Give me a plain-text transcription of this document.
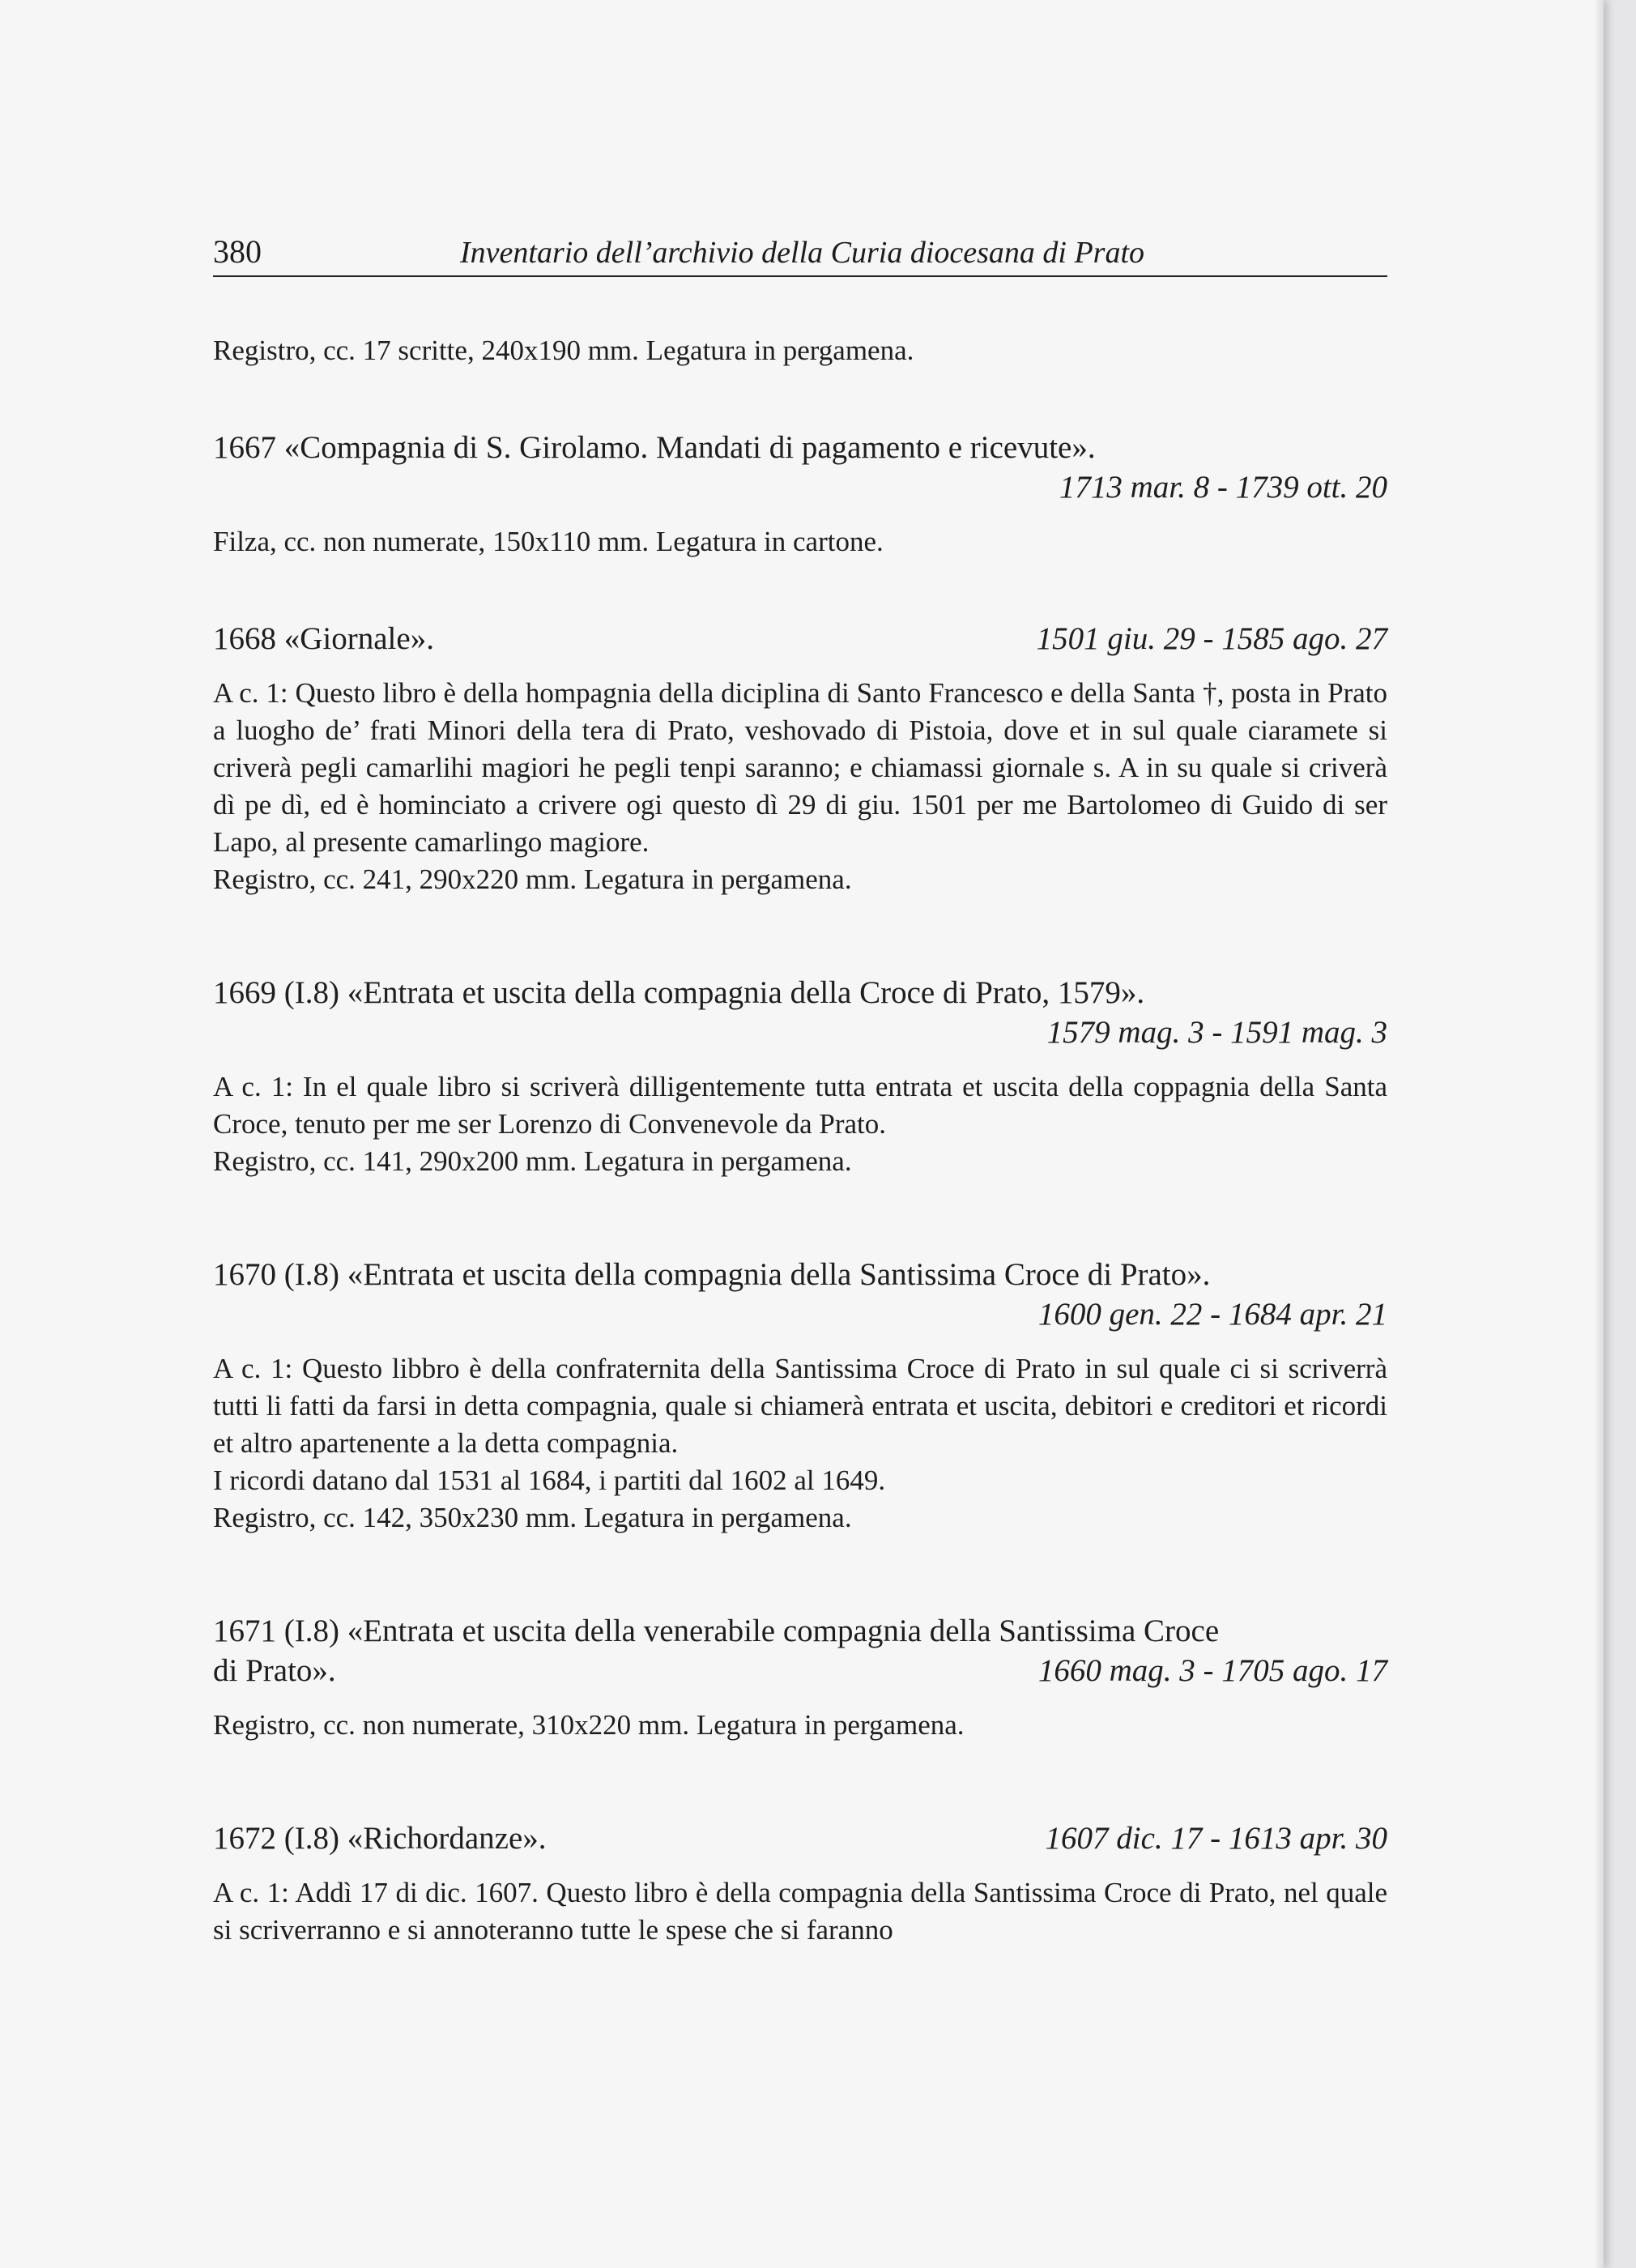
380	Inventario dell’archivio della Curia diocesana di Prato

Registro, cc. 17 scritte, 240x190 mm. Legatura in pergamena.

1667 «Compagnia di S. Girolamo. Mandati di pagamento e ricevute».
1713 mar. 8 - 1739 ott. 20

Filza, cc. non numerate, 150x110 mm. Legatura in cartone.

1668 «Giornale».	1501 giu. 29 - 1585 ago. 27

A c. 1: Questo libro è della hompagnia della diciplina di Santo Francesco e della Santa †, posta in Prato a luogho de’ frati Minori della tera di Prato, veshovado di Pistoia, dove et in sul quale ciaramete si criverà pegli camarlihi magiori he pegli tenpi saranno; e chiamassi giornale s. A in su quale si criverà dì pe dì, ed è hominciato a crivere ogi questo dì 29 di giu. 1501 per me Bartolomeo di Guido di ser Lapo, al presente camarlingo magiore.

Registro, cc. 241, 290x220 mm. Legatura in pergamena.

1669 (I.8) «Entrata et uscita della compagnia della Croce di Prato, 1579».
1579 mag. 3 - 1591 mag. 3

A c. 1: In el quale libro si scriverà dilligentemente tutta entrata et uscita della coppagnia della Santa Croce, tenuto per me ser Lorenzo di Convenevole da Prato.

Registro, cc. 141, 290x200 mm. Legatura in pergamena.

1670 (I.8) «Entrata et uscita della compagnia della Santissima Croce di Prato».
1600 gen. 22 - 1684 apr. 21

A c. 1: Questo libbro è della confraternita della Santissima Croce di Prato in sul quale ci si scriverrà tutti li fatti da farsi in detta compagnia, quale si chiamerà entrata et uscita, debitori e creditori et ricordi et altro apartenente a la detta compagnia.

I ricordi datano dal 1531 al 1684, i partiti dal 1602 al 1649.

Registro, cc. 142, 350x230 mm. Legatura in pergamena.

1671 (I.8) «Entrata et uscita della venerabile compagnia della Santissima Croce
di Prato».	1660 mag. 3 - 1705 ago. 17

Registro, cc. non numerate, 310x220 mm. Legatura in pergamena.

1672 (I.8) «Richordanze».	1607 dic. 17 - 1613 apr. 30

A c. 1: Addì 17 di dic. 1607. Questo libro è della compagnia della Santissima Croce di Prato, nel quale si scriverranno e si annoteranno tutte le spese che si faranno
